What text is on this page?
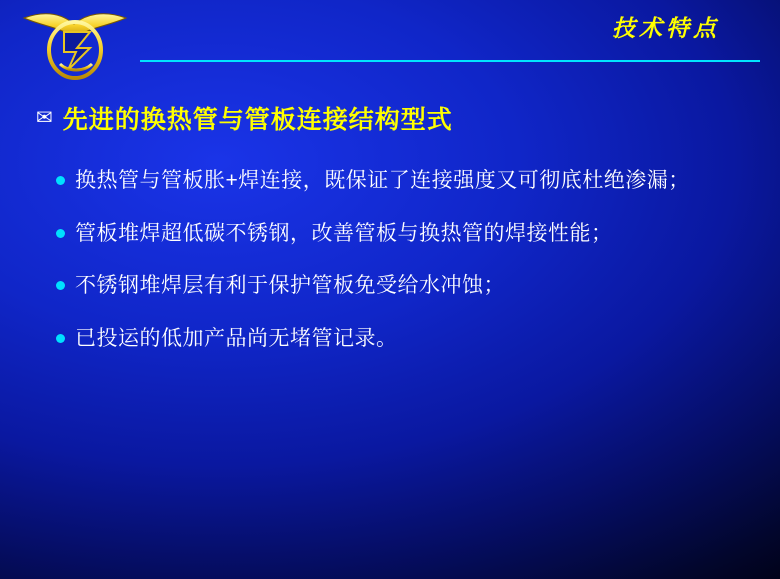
技术特点
✉ 先进的换热管与管板连接结构型式
换热管与管板胀+焊连接，既保证了连接强度又可彻底杜绝渗漏；
管板堆焊超低碳不锈钢，改善管板与换热管的焊接性能；
不锈钢堆焊层有利于保护管板免受给水冲蚀；
已投运的低加产品尚无堵管记录。
